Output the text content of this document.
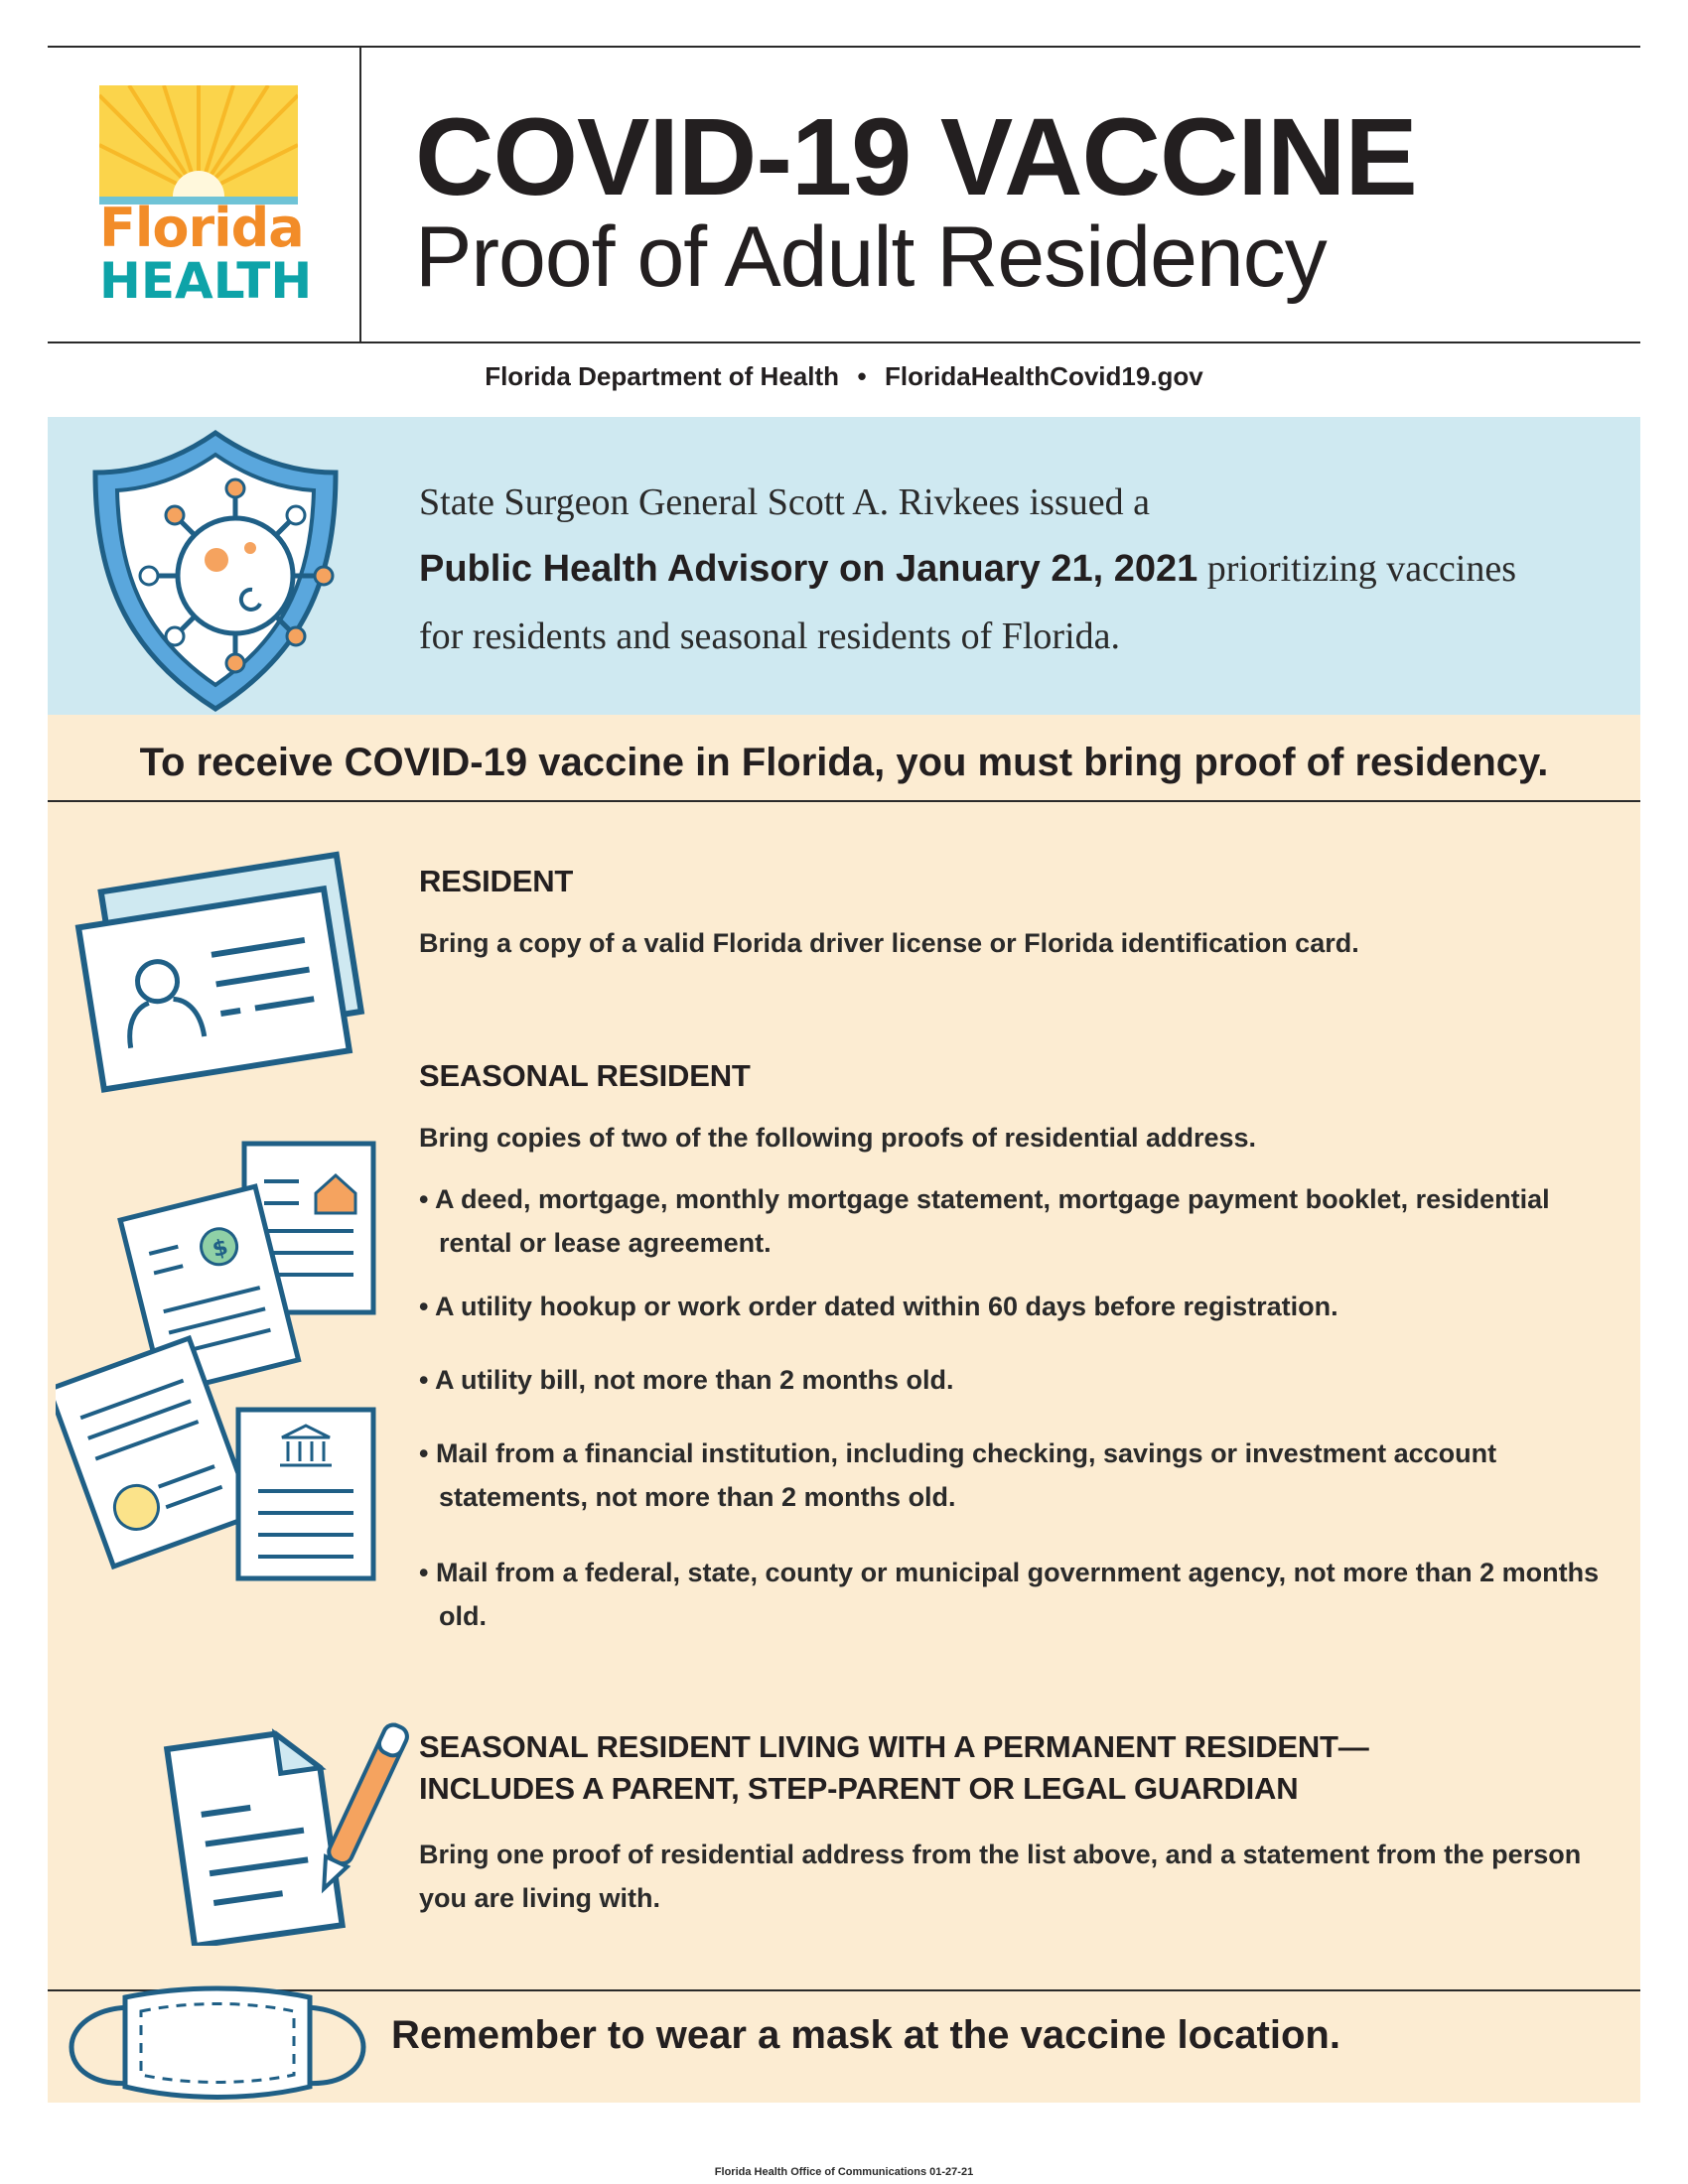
Florida
HEALTH
COVID-19 VACCINE
Proof of Adult Residency
Florida Department of Health • FloridaHealthCovid19.gov
State Surgeon General Scott A. Rivkees issued a
Public Health Advisory on January 21, 2021 prioritizing vaccines
for residents and seasonal residents of Florida.
To receive COVID-19 vaccine in Florida, you must bring proof of residency.
RESIDENT
Bring a copy of a valid Florida driver license or Florida identification card.
$
SEASONAL RESIDENT
Bring copies of two of the following proofs of residential address.
• A deed, mortgage, monthly mortgage statement, mortgage payment booklet, residential rental or lease agreement.
• A utility hookup or work order dated within 60 days before registration.
• A utility bill, not more than 2 months old.
• Mail from a financial institution, including checking, savings or investment account statements, not more than 2 months old.
• Mail from a federal, state, county or municipal government agency, not more than 2 months old.
SEASONAL RESIDENT LIVING WITH A PERMANENT RESIDENT—
INCLUDES A PARENT, STEP-PARENT OR LEGAL GUARDIAN
Bring one proof of residential address from the list above, and a statement from the person you are living with.
Remember to wear a mask at the vaccine location.
Florida Health Office of Communications 01-27-21
